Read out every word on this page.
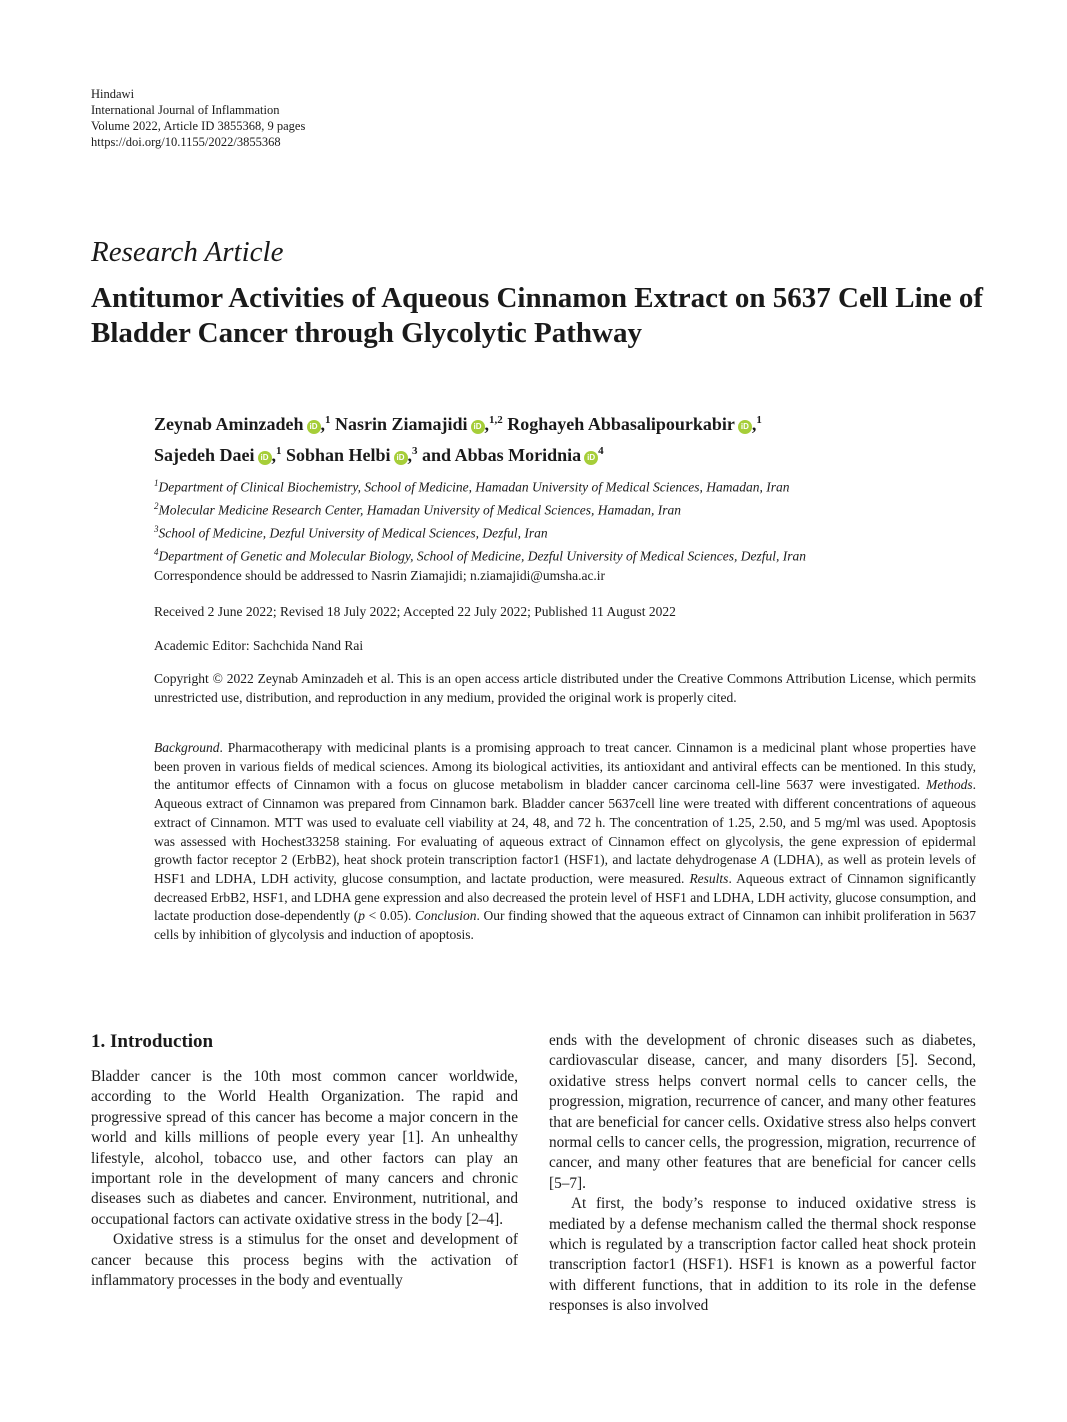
Hindawi
International Journal of Inflammation
Volume 2022, Article ID 3855368, 9 pages
https://doi.org/10.1155/2022/3855368
Research Article
Antitumor Activities of Aqueous Cinnamon Extract on 5637 Cell Line of Bladder Cancer through Glycolytic Pathway
Zeynab Aminzadeh iD ,$^1$ Nasrin Ziamajidi iD ,$^{1,2}$ Roghayeh Abbasalipourkabir iD ,$^1$
Sajedeh Daei iD ,$^1$ Sobhan Helbi iD ,$^3$ and Abbas Moridnia $iD^4$
$^1$Department of Clinical Biochemistry, School of Medicine, Hamadan University of Medical Sciences, Hamadan, Iran
$^2$Molecular Medicine Research Center, Hamadan University of Medical Sciences, Hamadan, Iran
$^3$School of Medicine, Dezful University of Medical Sciences, Dezful, Iran
$^4$Department of Genetic and Molecular Biology, School of Medicine, Dezful University of Medical Sciences, Dezful, Iran
Correspondence should be addressed to Nasrin Ziamajidi; n.ziamajidi@umsha.ac.ir
Received 2 June 2022; Revised 18 July 2022; Accepted 22 July 2022; Published 11 August 2022
Academic Editor: Sachchida Nand Rai
Copyright © 2022 Zeynab Aminzadeh et al. This is an open access article distributed under the Creative Commons Attribution License, which permits unrestricted use, distribution, and reproduction in any medium, provided the original work is properly cited.
Background. Pharmacotherapy with medicinal plants is a promising approach to treat cancer. Cinnamon is a medicinal plant whose properties have been proven in various fields of medical sciences. Among its biological activities, its antioxidant and antiviral effects can be mentioned. In this study, the antitumor effects of Cinnamon with a focus on glucose metabolism in bladder cancer carcinoma cell-line 5637 were investigated. Methods. Aqueous extract of Cinnamon was prepared from Cinnamon bark. Bladder cancer 5637cell line were treated with different concentrations of aqueous extract of Cinnamon. MTT was used to evaluate cell viability at 24, 48, and 72 h. The concentration of 1.25, 2.50, and 5 mg/ml was used. Apoptosis was assessed with Hochest33258 staining. For evaluating of aqueous extract of Cinnamon effect on glycolysis, the gene expression of epidermal growth factor receptor 2 (ErbB2), heat shock protein transcription factor1 (HSF1), and lactate dehydrogenase A (LDHA), as well as protein levels of HSF1 and LDHA, LDH activity, glucose consumption, and lactate production, were measured. Results. Aqueous extract of Cinnamon significantly decreased ErbB2, HSF1, and LDHA gene expression and also decreased the protein level of HSF1 and LDHA, LDH activity, glucose consumption, and lactate production dose-dependently (p < 0.05). Conclusion. Our finding showed that the aqueous extract of Cinnamon can inhibit proliferation in 5637 cells by inhibition of glycolysis and induction of apoptosis.
1. Introduction

Bladder cancer is the 10th most common cancer worldwide, according to the World Health Organization. The rapid and progressive spread of this cancer has become a major concern in the world and kills millions of people every year [1]. An unhealthy lifestyle, alcohol, tobacco use, and other factors can play an important role in the development of many cancers and chronic diseases such as diabetes and cancer. Environment, nutritional, and occupational factors can activate oxidative stress in the body [2–4].

Oxidative stress is a stimulus for the onset and development of cancer because this process begins with the activation of inflammatory processes in the body and eventually

ends with the development of chronic diseases such as diabetes, cardiovascular disease, cancer, and many disorders [5]. Second, oxidative stress helps convert normal cells to cancer cells, the progression, migration, recurrence of cancer, and many other features that are beneficial for cancer cells. Oxidative stress also helps convert normal cells to cancer cells, the progression, migration, recurrence of cancer, and many other features that are beneficial for cancer cells [5–7].

At first, the body’s response to induced oxidative stress is mediated by a defense mechanism called the thermal shock response which is regulated by a transcription factor called heat shock protein transcription factor1 (HSF1). HSF1 is known as a powerful factor with different functions, that in addition to its role in the defense responses is also involved
